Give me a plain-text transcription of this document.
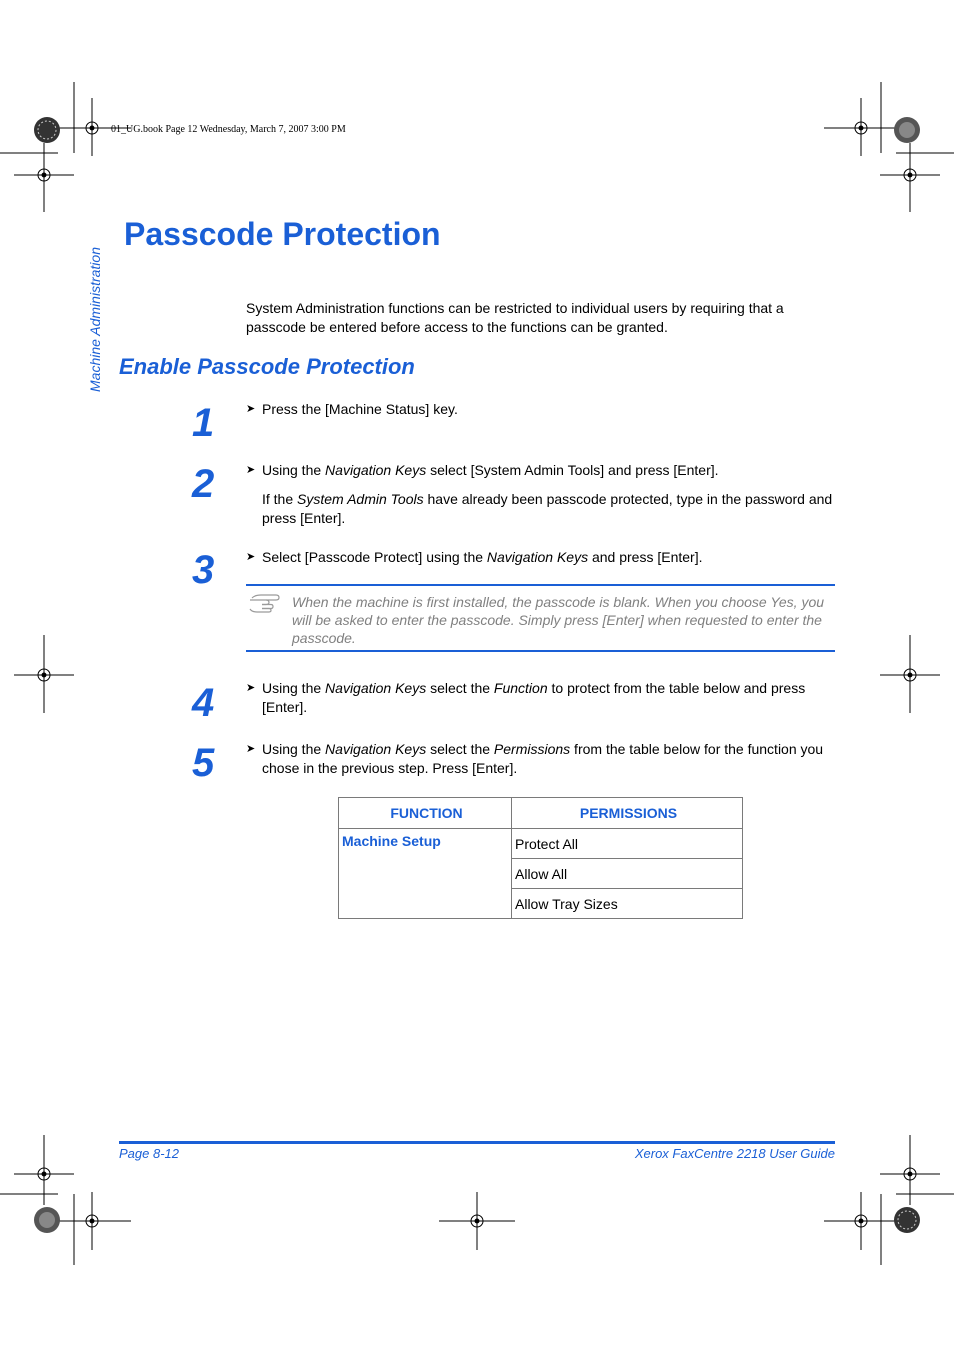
01_UG.book Page 12 Wednesday, March 7, 2007 3:00 PM
Machine Administration
Passcode Protection
System Administration functions can be restricted to individual users by requiring that a passcode be entered before access to the functions can be granted.
Enable Passcode Protection
1	➤ Press the [Machine Status] key.
2	➤ Using the Navigation Keys select [System Admin Tools] and press [Enter].
If the System Admin Tools have already been passcode protected, type in the password and press [Enter].
3	➤ Select [Passcode Protect] using the Navigation Keys and press [Enter].
When the machine is first installed, the passcode is blank. When you choose Yes, you will be asked to enter the passcode. Simply press [Enter] when requested to enter the passcode.
4	➤ Using the Navigation Keys select the Function to protect from the table below and press [Enter].
5	➤ Using the Navigation Keys select the Permissions from the table below for the function you chose in the previous step. Press [Enter].
FUNCTION	PERMISSIONS
Machine Setup	Protect All
	Allow All
	Allow Tray Sizes
Page 8-12	Xerox FaxCentre 2218 User Guide
